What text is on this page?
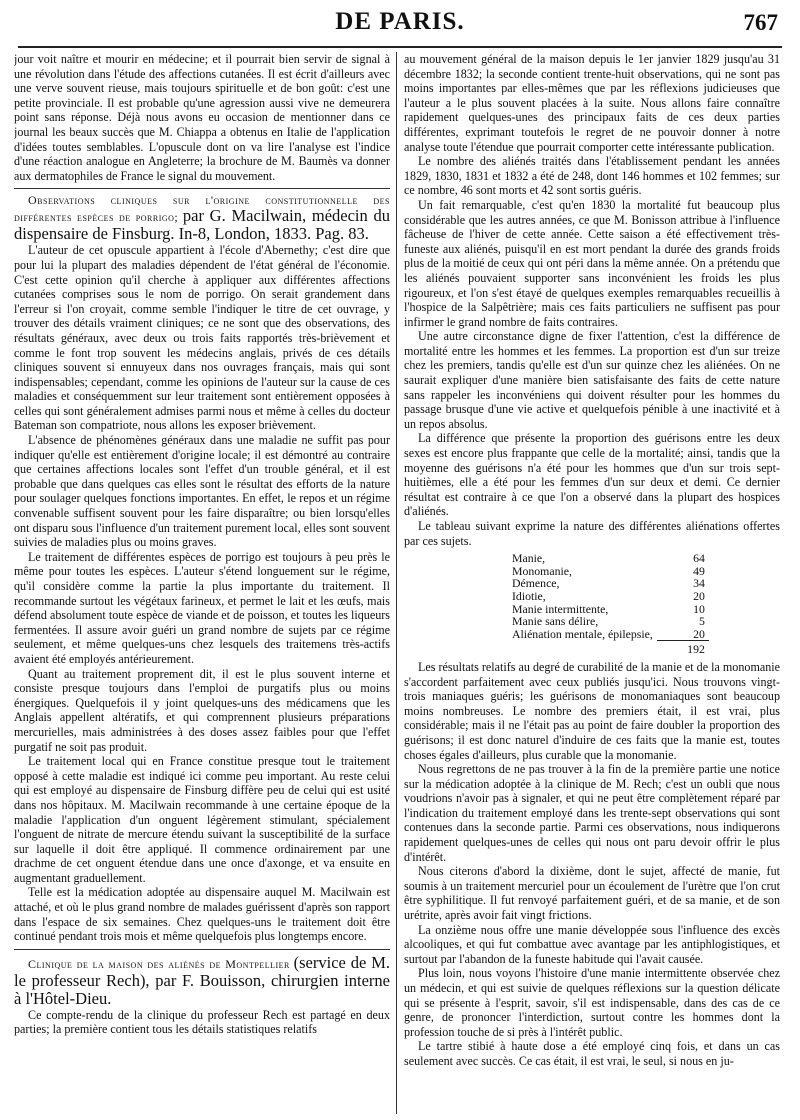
DE PARIS.	767

jour voit naître et mourir en médecine; et il pourrait bien servir de signal à une révolution dans l'étude des affections cutanées. Il est écrit d'ailleurs avec une verve souvent rieuse, mais toujours spirituelle et de bon goût: c'est une petite provinciale. Il est probable qu'une agression aussi vive ne demeurera point sans réponse. Déjà nous avons eu occasion de mentionner dans ce journal les beaux succès que M. Chiappa a obtenus en Italie de l'application d'idées toutes semblables. L'opuscule dont on va lire l'analyse est l'indice d'une réaction analogue en Angleterre; la brochure de M. Baumès va donner aux dermatophiles de France le signal du mouvement.

Observations cliniques sur l'origine constitutionnelle des différentes espèces de porrigo; par G. Macilwain, médecin du dispensaire de Finsburg. In-8, London, 1833. Pag. 83.

L'auteur de cet opuscule appartient à l'école d'Abernethy; c'est dire que pour lui la plupart des maladies dépendent de l'état général de l'économie. C'est cette opinion qu'il cherche à appliquer aux différentes affections cutanées comprises sous le nom de porrigo. On serait grandement dans l'erreur si l'on croyait, comme semble l'indiquer le titre de cet ouvrage, y trouver des détails vraiment cliniques; ce ne sont que des observations, des résultats généraux, avec deux ou trois faits rapportés très-brièvement et comme le font trop souvent les médecins anglais, privés de ces détails cliniques souvent si ennuyeux dans nos ouvrages français, mais qui sont indispensables; cependant, comme les opinions de l'auteur sur la cause de ces maladies et conséquemment sur leur traitement sont entièrement opposées à celles qui sont généralement admises parmi nous et même à celles du docteur Bateman son compatriote, nous allons les exposer brièvement.

L'absence de phénomènes généraux dans une maladie ne suffit pas pour indiquer qu'elle est entièrement d'origine locale; il est démontré au contraire que certaines affections locales sont l'effet d'un trouble général, et il est probable que dans quelques cas elles sont le résultat des efforts de la nature pour soulager quelques fonctions importantes. En effet, le repos et un régime convenable suffisent souvent pour les faire disparaître; ou bien lorsqu'elles ont disparu sous l'influence d'un traitement purement local, elles sont souvent suivies de maladies plus ou moins graves.

Le traitement de différentes espèces de porrigo est toujours à peu près le même pour toutes les espèces. L'auteur s'étend longuement sur le régime, qu'il considère comme la partie la plus importante du traitement. Il recommande surtout les végétaux farineux, et permet le lait et les œufs, mais défend absolument toute espèce de viande et de poisson, et toutes les liqueurs fermentées. Il assure avoir guéri un grand nombre de sujets par ce régime seulement, et même quelques-uns chez lesquels des traitemens très-actifs avaient été employés antérieurement.

Quant au traitement proprement dit, il est le plus souvent interne et consiste presque toujours dans l'emploi de purgatifs plus ou moins énergiques. Quelquefois il y joint quelques-uns des médicamens que les Anglais appellent altératifs, et qui comprennent plusieurs préparations mercurielles, mais administrées à des doses assez faibles pour que l'effet purgatif ne soit pas produit.

Le traitement local qui en France constitue presque tout le traitement opposé à cette maladie est indiqué ici comme peu important. Au reste celui qui est employé au dispensaire de Finsburg diffère peu de celui qui est usité dans nos hôpitaux. M. Macilwain recommande à une certaine époque de la maladie l'application d'un onguent légèrement stimulant, spécialement l'onguent de nitrate de mercure étendu suivant la susceptibilité de la surface sur laquelle il doit être appliqué. Il commence ordinairement par une drachme de cet onguent étendue dans une once d'axonge, et va ensuite en augmentant graduellement.

Telle est la médication adoptée au dispensaire auquel M. Macilwain est attaché, et où le plus grand nombre de malades guérissent d'après son rapport dans l'espace de six semaines. Chez quelques-uns le traitement doit être continué pendant trois mois et même quelquefois plus longtemps encore.

Clinique de la maison des aliénés de Montpellier (service de M. le professeur Rech), par F. Bouisson, chirurgien interne à l'Hôtel-Dieu.

Ce compte-rendu de la clinique du professeur Rech est partagé en deux parties; la première contient tous les détails statistiques relatifs

au mouvement général de la maison depuis le 1er janvier 1829 jusqu'au 31 décembre 1832; la seconde contient trente-huit observations, qui ne sont pas moins importantes par elles-mêmes que par les réflexions judicieuses que l'auteur a le plus souvent placées à la suite. Nous allons faire connaître rapidement quelques-unes des principaux faits de ces deux parties différentes, exprimant toutefois le regret de ne pouvoir donner à notre analyse toute l'étendue que pourrait comporter cette intéressante publication.

Le nombre des aliénés traités dans l'établissement pendant les années 1829, 1830, 1831 et 1832 a été de 248, dont 146 hommes et 102 femmes; sur ce nombre, 46 sont morts et 42 sont sortis guéris.

Un fait remarquable, c'est qu'en 1830 la mortalité fut beaucoup plus considérable que les autres années, ce que M. Bonisson attribue à l'influence fâcheuse de l'hiver de cette année. Cette saison a été effectivement très-funeste aux aliénés, puisqu'il en est mort pendant la durée des grands froids plus de la moitié de ceux qui ont péri dans la même année. On a prétendu que les aliénés pouvaient supporter sans inconvénient les froids les plus rigoureux, et l'on s'est étayé de quelques exemples remarquables recueillis à l'hospice de la Salpêtrière; mais ces faits particuliers ne suffisent pas pour infirmer le grand nombre de faits contraires.

Une autre circonstance digne de fixer l'attention, c'est la différence de mortalité entre les hommes et les femmes. La proportion est d'un sur treize chez les premiers, tandis qu'elle est d'un sur quinze chez les aliénées. On ne saurait expliquer d'une manière bien satisfaisante des faits de cette nature sans rappeler les inconvéniens qui doivent résulter pour les hommes du passage brusque d'une vie active et quelquefois pénible à une inactivité et à un repos absolus.

La différence que présente la proportion des guérisons entre les deux sexes est encore plus frappante que celle de la mortalité; ainsi, tandis que la moyenne des guérisons n'a été pour les hommes que d'un sur trois sept-huitièmes, elle a été pour les femmes d'un sur deux et demi. Ce dernier résultat est contraire à ce que l'on a observé dans la plupart des hospices d'aliénés.

Le tableau suivant exprime la nature des différentes aliénations offertes par ces sujets.

Manie,	64
Monomanie,	49
Démence,	34
Idiotie,	20
Manie intermittente,	10
Manie sans délire,	5
Aliénation mentale, épilepsie,	20
	192

Les résultats relatifs au degré de curabilité de la manie et de la monomanie s'accordent parfaitement avec ceux publiés jusqu'ici. Nous trouvons vingt-trois maniaques guéris; les guérisons de monomaniaques sont beaucoup moins nombreuses. Le nombre des premiers était, il est vrai, plus considérable; mais il ne l'était pas au point de faire doubler la proportion des guérisons; il est donc naturel d'induire de ces faits que la manie est, toutes choses égales d'ailleurs, plus curable que la monomanie.

Nous regrettons de ne pas trouver à la fin de la première partie une notice sur la médication adoptée à la clinique de M. Rech; c'est un oubli que nous voudrions n'avoir pas à signaler, et qui ne peut être complètement réparé par l'indication du traitement employé dans les trente-sept observations qui sont contenues dans la seconde partie. Parmi ces observations, nous indiquerons rapidement quelques-unes de celles qui nous ont paru devoir offrir le plus d'intérêt.

Nous citerons d'abord la dixième, dont le sujet, affecté de manie, fut soumis à un traitement mercuriel pour un écoulement de l'urètre que l'on crut être syphilitique. Il fut renvoyé parfaitement guéri, et de sa manie, et de son urétrite, après avoir fait vingt frictions.

La onzième nous offre une manie développée sous l'influence des excès alcooliques, et qui fut combattue avec avantage par les antiphlogistiques, et surtout par l'abandon de la funeste habitude qui l'avait causée.

Plus loin, nous voyons l'histoire d'une manie intermittente observée chez un médecin, et qui est suivie de quelques réflexions sur la question délicate qui se présente à l'esprit, savoir, s'il est indispensable, dans des cas de ce genre, de prononcer l'interdiction, surtout contre les hommes dont la profession touche de si près à l'intérêt public.

Le tartre stibié à haute dose a été employé cinq fois, et dans un cas seulement avec succès. Ce cas était, il est vrai, le seul, si nous en ju-
